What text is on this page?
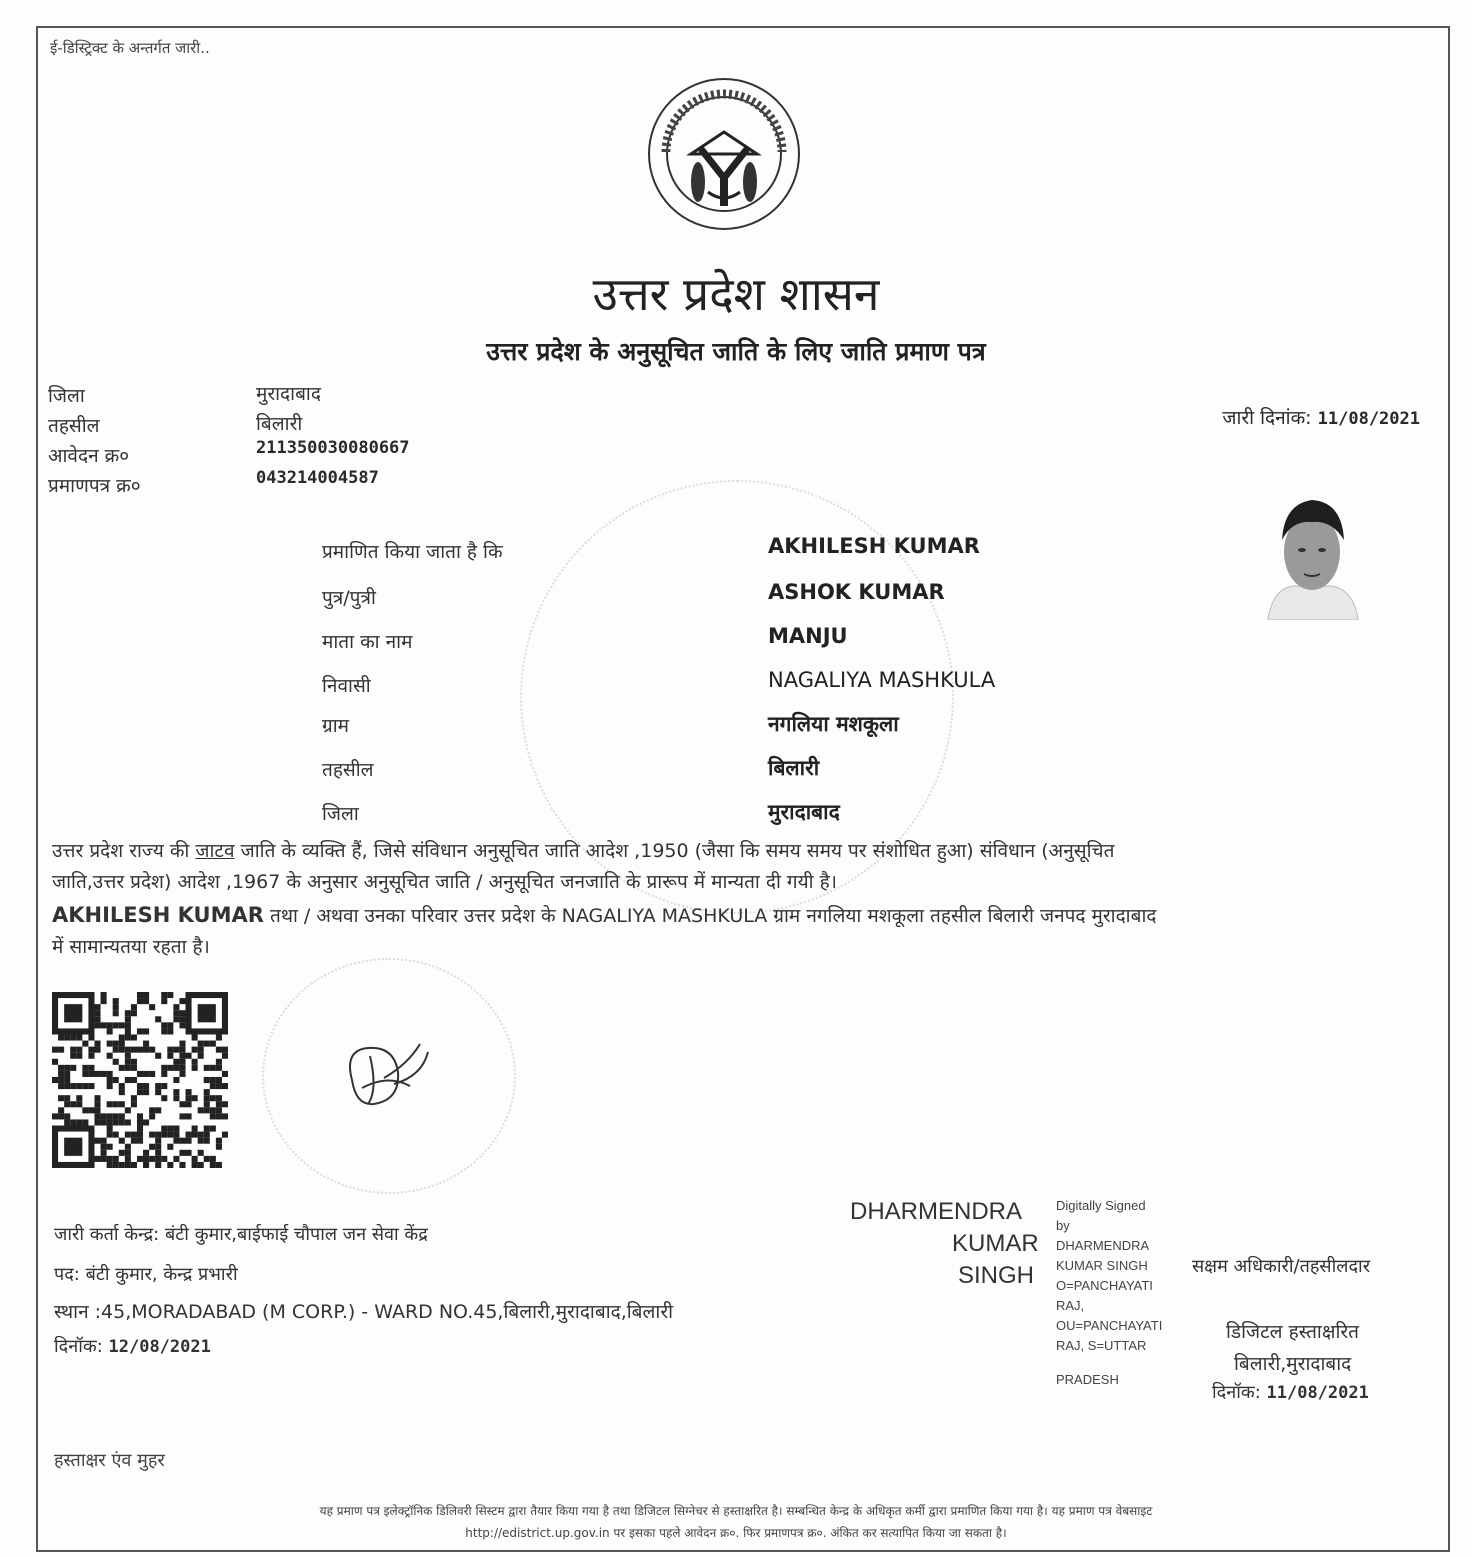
ई-डिस्ट्रिक्ट के अन्तर्गत जारी..
उत्तर प्रदेश शासन
उत्तर प्रदेश के अनुसूचित जाति के लिए जाति प्रमाण पत्र
जिला	मुरादाबाद
तहसील	बिलारी
आवेदन क्र०	211350030080667
प्रमाणपत्र क्र०	043214004587
जारी दिनांक: 11/08/2021
प्रमाणित किया जाता है कि	AKHILESH KUMAR
पुत्र/पुत्री	ASHOK KUMAR
माता का नाम	MANJU
निवासी	NAGALIYA MASHKULA
ग्राम	नगलिया मशकूला
तहसील	बिलारी
जिला	मुरादाबाद
उत्तर प्रदेश राज्य की जाटव जाति के व्यक्ति हैं, जिसे संविधान अनुसूचित जाति आदेश ,1950 (जैसा कि समय समय पर संशोधित हुआ) संविधान (अनुसूचित
जाति,उत्तर प्रदेश) आदेश ,1967 के अनुसार अनुसूचित जाति / अनुसूचित जनजाति के प्रारूप में मान्यता दी गयी है।
AKHILESH KUMAR तथा / अथवा उनका परिवार उत्तर प्रदेश के NAGALIYA MASHKULA ग्राम नगलिया मशकूला तहसील बिलारी जनपद मुरादाबाद
में सामान्यतया रहता है।
जारी कर्ता केन्द्र: बंटी कुमार,बाईफाई चौपाल जन सेवा केंद्र
पद: बंटी कुमार, केन्द्र प्रभारी
स्थान :45,MORADABAD (M CORP.) - WARD NO.45,बिलारी,मुरादाबाद,बिलारी
दिनॉक: 12/08/2021
हस्ताक्षर एंव मुहर
DHARMENDRA
KUMAR
SINGH
Digitally Signed
by
DHARMENDRA
KUMAR SINGH
O=PANCHAYATI
RAJ,
OU=PANCHAYATI
RAJ, S=UTTAR
PRADESH
सक्षम अधिकारी/तहसीलदार
डिजिटल हस्ताक्षरित
बिलारी,मुरादाबाद
दिनॉक: 11/08/2021
यह प्रमाण पत्र इलेक्ट्रॉनिक डिलिवरी सिस्टम द्वारा तैयार किया गया है तथा डिजिटल सिग्नेचर से हस्ताक्षरित है। सम्बन्धित केन्द्र के अधिकृत कर्मी द्वारा प्रमाणित किया गया है। यह प्रमाण पत्र वेबसाइट
http://edistrict.up.gov.in पर इसका पहले आवेदन क्र०. फिर प्रमाणपत्र क्र०. अंकित कर सत्यापित किया जा सकता है।
